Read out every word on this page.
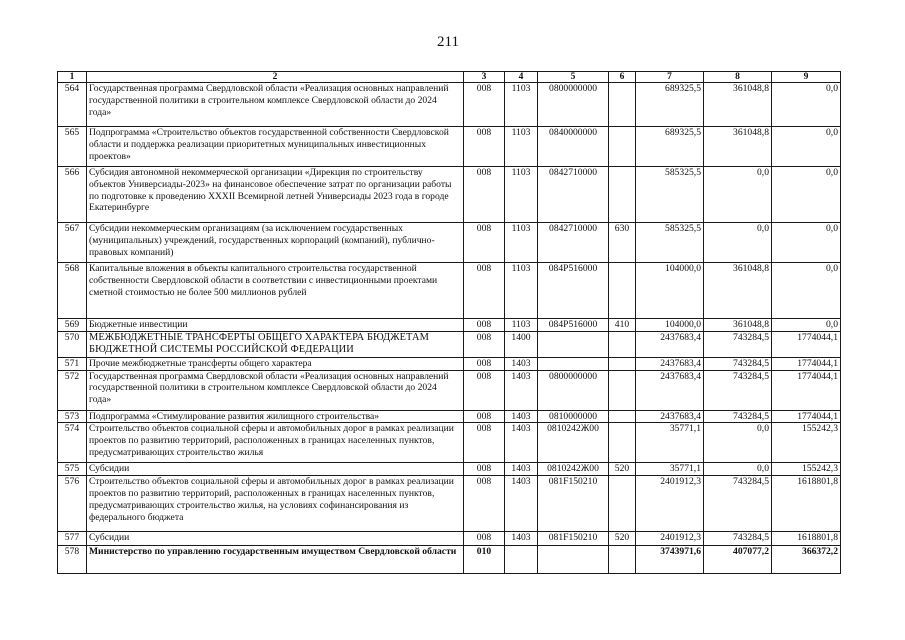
211
1	2	3	4	5	6	7	8	9
564	Государственная программа Свердловской области «Реализация основных направлений государственной политики в строительном комплексе Свердловской области до 2024 года»	008	1103	0800000000		689325,5	361048,8	0,0
565	Подпрограмма «Строительство объектов государственной собственности Свердловской области и поддержка реализации приоритетных муниципальных инвестиционных проектов»	008	1103	0840000000		689325,5	361048,8	0,0
566	Субсидия автономной некоммерческой организации «Дирекция по строительству объектов Универсиады-2023» на финансовое обеспечение затрат по организации работы по подготовке к проведению XXXII Всемирной летней Универсиады 2023 года в городе Екатеринбурге	008	1103	0842710000		585325,5	0,0	0,0
567	Субсидии некоммерческим организациям (за исключением государственных (муниципальных) учреждений, государственных корпораций (компаний), публично-правовых компаний)	008	1103	0842710000	630	585325,5	0,0	0,0
568	Капитальные вложения в объекты капитального строительства государственной собственности Свердловской области в соответствии с инвестиционными проектами сметной стоимостью не более 500 миллионов рублей	008	1103	084P516000		104000,0	361048,8	0,0
569	Бюджетные инвестиции	008	1103	084P516000	410	104000,0	361048,8	0,0
570	МЕЖБЮДЖЕТНЫЕ ТРАНСФЕРТЫ ОБЩЕГО ХАРАКТЕРА БЮДЖЕТАМ БЮДЖЕТНОЙ СИСТЕМЫ РОССИЙСКОЙ ФЕДЕРАЦИИ	008	1400			2437683,4	743284,5	1774044,1
571	Прочие межбюджетные трансферты общего характера	008	1403			2437683,4	743284,5	1774044,1
572	Государственная программа Свердловской области «Реализация основных направлений государственной политики в строительном комплексе Свердловской области до 2024 года»	008	1403	0800000000		2437683,4	743284,5	1774044,1
573	Подпрограмма «Стимулирование развития жилищного строительства»	008	1403	0810000000		2437683,4	743284,5	1774044,1
574	Строительство объектов социальной сферы и автомобильных дорог в рамках реализации проектов по развитию территорий, расположенных в границах населенных пунктов, предусматривающих строительство жилья	008	1403	0810242Ж00		35771,1	0,0	155242,3
575	Субсидии	008	1403	0810242Ж00	520	35771,1	0,0	155242,3
576	Строительство объектов социальной сферы и автомобильных дорог в рамках реализации проектов по развитию территорий, расположенных в границах населенных пунктов, предусматривающих строительство жилья, на условиях софинансирования из федерального бюджета	008	1403	081F150210		2401912,3	743284,5	1618801,8
577	Субсидии	008	1403	081F150210	520	2401912,3	743284,5	1618801,8
578	Министерство по управлению государственным имуществом Свердловской области	010				3743971,6	407077,2	366372,2
